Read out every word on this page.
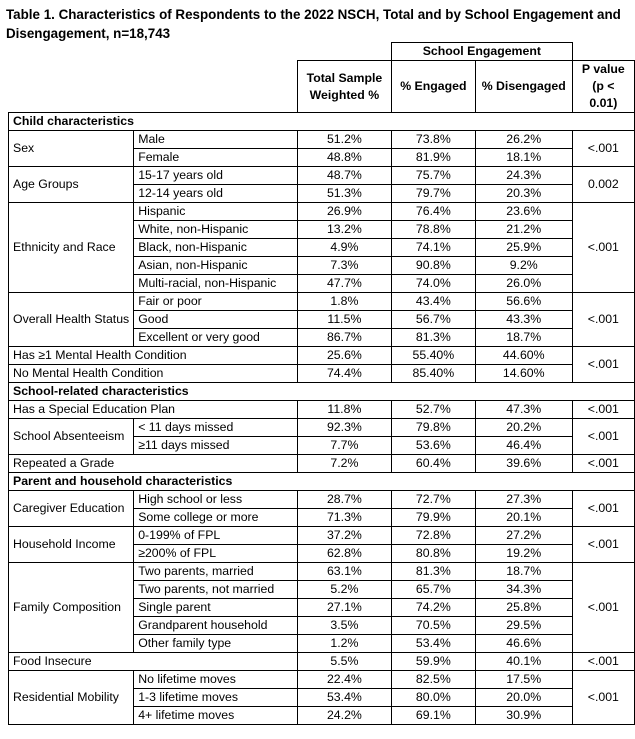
Table 1. Characteristics of Respondents to the 2022 NSCH, Total and by School Engagement and Disengagement, n=18,743
			School Engagement		
		Total Sample Weighted %	% Engaged	% Disengaged	P value (p < 0.01)
Child characteristics					
Sex	Male	51.2%	73.8%	26.2%	<.001
	Female	48.8%	81.9%	18.1%	
Age Groups	15-17 years old	48.7%	75.7%	24.3%	0.002
	12-14 years old	51.3%	79.7%	20.3%	
Ethnicity and Race	Hispanic	26.9%	76.4%	23.6%	<.001
	White, non-Hispanic	13.2%	78.8%	21.2%	
	Black, non-Hispanic	4.9%	74.1%	25.9%	
	Asian, non-Hispanic	7.3%	90.8%	9.2%	
	Multi-racial, non-Hispanic	47.7%	74.0%	26.0%	
Overall Health Status	Fair or poor	1.8%	43.4%	56.6%	<.001
	Good	11.5%	56.7%	43.3%	
	Excellent or very good	86.7%	81.3%	18.7%	
Has ≥1 Mental Health Condition		25.6%	55.40%	44.60%	<.001
No Mental Health Condition		74.4%	85.40%	14.60%	
School-related characteristics					
Has a Special Education Plan		11.8%	52.7%	47.3%	<.001
School Absenteeism	< 11 days missed	92.3%	79.8%	20.2%	<.001
	≥11 days missed	7.7%	53.6%	46.4%	
Repeated a Grade		7.2%	60.4%	39.6%	<.001
Parent and household characteristics					
Caregiver Education	High school or less	28.7%	72.7%	27.3%	<.001
	Some college or more	71.3%	79.9%	20.1%	
Household Income	0-199% of FPL	37.2%	72.8%	27.2%	<.001
	≥200% of FPL	62.8%	80.8%	19.2%	
Family Composition	Two parents, married	63.1%	81.3%	18.7%	<.001
	Two parents, not married	5.2%	65.7%	34.3%	
	Single parent	27.1%	74.2%	25.8%	
	Grandparent household	3.5%	70.5%	29.5%	
	Other family type	1.2%	53.4%	46.6%	
Food Insecure		5.5%	59.9%	40.1%	<.001
Residential Mobility	No lifetime moves	22.4%	82.5%	17.5%	<.001
	1-3 lifetime moves	53.4%	80.0%	20.0%	
	4+ lifetime moves	24.2%	69.1%	30.9%	
